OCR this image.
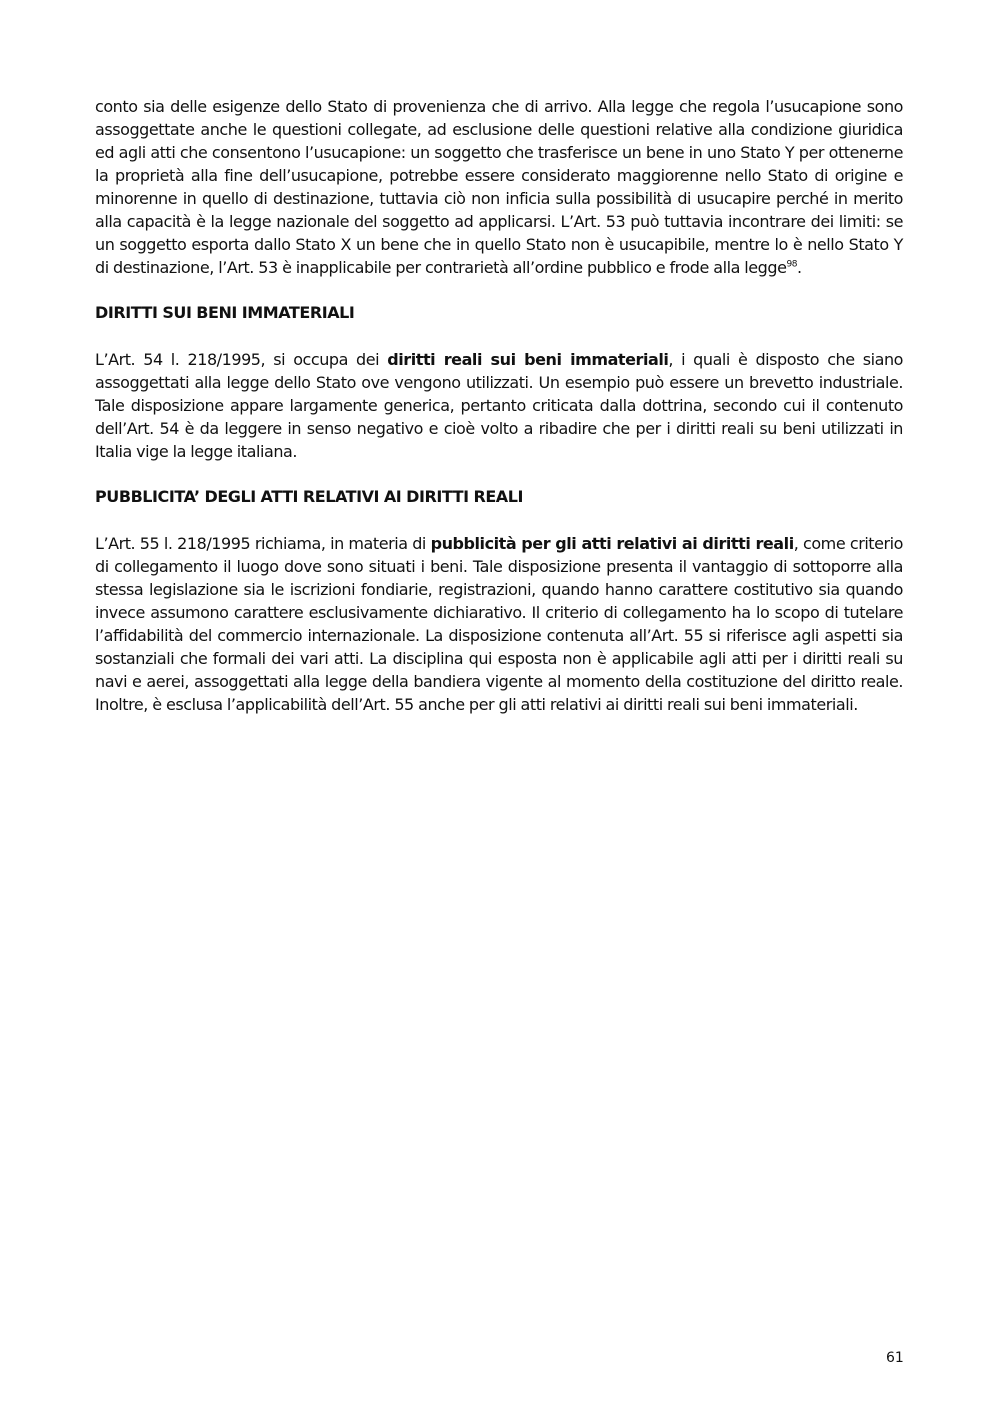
conto sia delle esigenze dello Stato di provenienza che di arrivo. Alla legge che regola l’usucapione sono assoggettate anche le questioni collegate, ad esclusione delle questioni relative alla condizione giuridica ed agli atti che consentono l’usucapione: un soggetto che trasferisce un bene in uno Stato Y per ottenerne la proprietà alla fine dell’usucapione, potrebbe essere considerato maggiorenne nello Stato di origine e minorenne in quello di destinazione, tuttavia ciò non inficia sulla possibilità di usucapire perché in merito alla capacità è la legge nazionale del soggetto ad applicarsi. L’Art. 53 può tuttavia incontrare dei limiti: se un soggetto esporta dallo Stato X un bene che in quello Stato non è usucapibile, mentre lo è nello Stato Y di destinazione, l’Art. 53 è inapplicabile per contrarietà all’ordine pubblico e frode alla legge$^{98}$.

DIRITTI SUI BENI IMMATERIALI

L’Art. 54 l. 218/1995, si occupa dei diritti reali sui beni immateriali, i quali è disposto che siano assoggettati alla legge dello Stato ove vengono utilizzati. Un esempio può essere un brevetto industriale. Tale disposizione appare largamente generica, pertanto criticata dalla dottrina, secondo cui il contenuto dell’Art. 54 è da leggere in senso negativo e cioè volto a ribadire che per i diritti reali su beni utilizzati in Italia vige la legge italiana.

PUBBLICITA’ DEGLI ATTI RELATIVI AI DIRITTI REALI

L’Art. 55 l. 218/1995 richiama, in materia di pubblicità per gli atti relativi ai diritti reali, come criterio di collegamento il luogo dove sono situati i beni. Tale disposizione presenta il vantaggio di sottoporre alla stessa legislazione sia le iscrizioni fondiarie, registrazioni, quando hanno carattere costitutivo sia quando invece assumono carattere esclusivamente dichiarativo. Il criterio di collegamento ha lo scopo di tutelare l’affidabilità del commercio internazionale. La disposizione contenuta all’Art. 55 si riferisce agli aspetti sia sostanziali che formali dei vari atti. La disciplina qui esposta non è applicabile agli atti per i diritti reali su navi e aerei, assoggettati alla legge della bandiera vigente al momento della costituzione del diritto reale. Inoltre, è esclusa l’applicabilità dell’Art. 55 anche per gli atti relativi ai diritti reali sui beni immateriali.

61
